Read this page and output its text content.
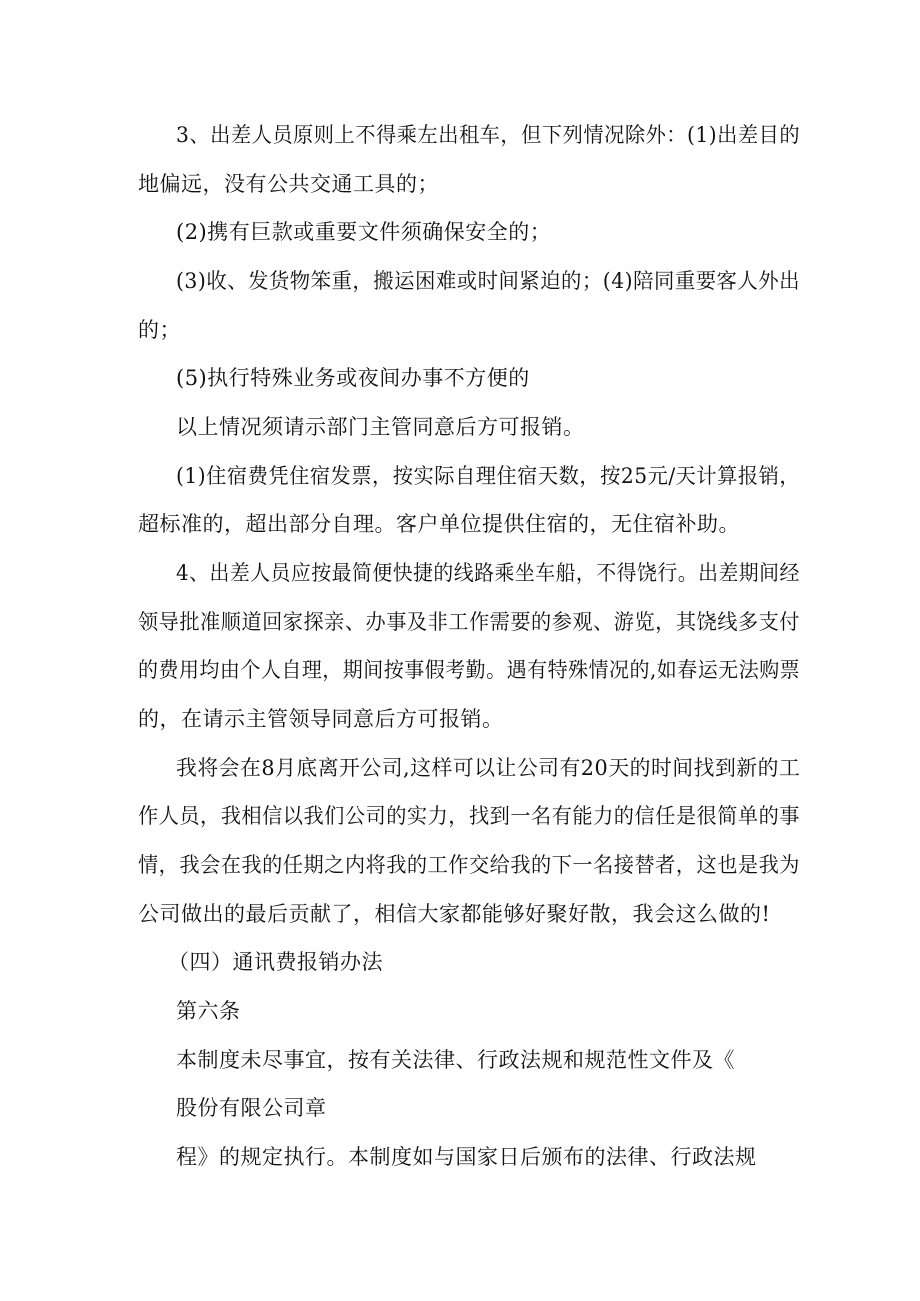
3、出差人员原则上不得乘左出租车，但下列情况除外：(1)出差目的
地偏远，没有公共交通工具的；
(2)携有巨款或重要文件须确保安全的；
(3)收、发货物笨重，搬运困难或时间紧迫的；(4)陪同重要客人外出
的；
(5)执行特殊业务或夜间办事不方便的
以上情况须请示部门主管同意后方可报销。
(1)住宿费凭住宿发票，按实际自理住宿天数，按25元/天计算报销，
超标准的，超出部分自理。客户单位提供住宿的，无住宿补助。
4、出差人员应按最简便快捷的线路乘坐车船，不得饶行。出差期间经
领导批准顺道回家探亲、办事及非工作需要的参观、游览，其饶线多支付
的费用均由个人自理，期间按事假考勤。遇有特殊情况的,如春运无法购票
的，在请示主管领导同意后方可报销。
我将会在8月底离开公司,这样可以让公司有20天的时间找到新的工
作人员，我相信以我们公司的实力，找到一名有能力的信任是很简单的事
情，我会在我的任期之内将我的工作交给我的下一名接替者，这也是我为
公司做出的最后贡献了，相信大家都能够好聚好散，我会这么做的!
（四）通讯费报销办法
第六条
本制度未尽事宜，按有关法律、行政法规和规范性文件及《
股份有限公司章
程》的规定执行。本制度如与国家日后颁布的法律、行政法规
